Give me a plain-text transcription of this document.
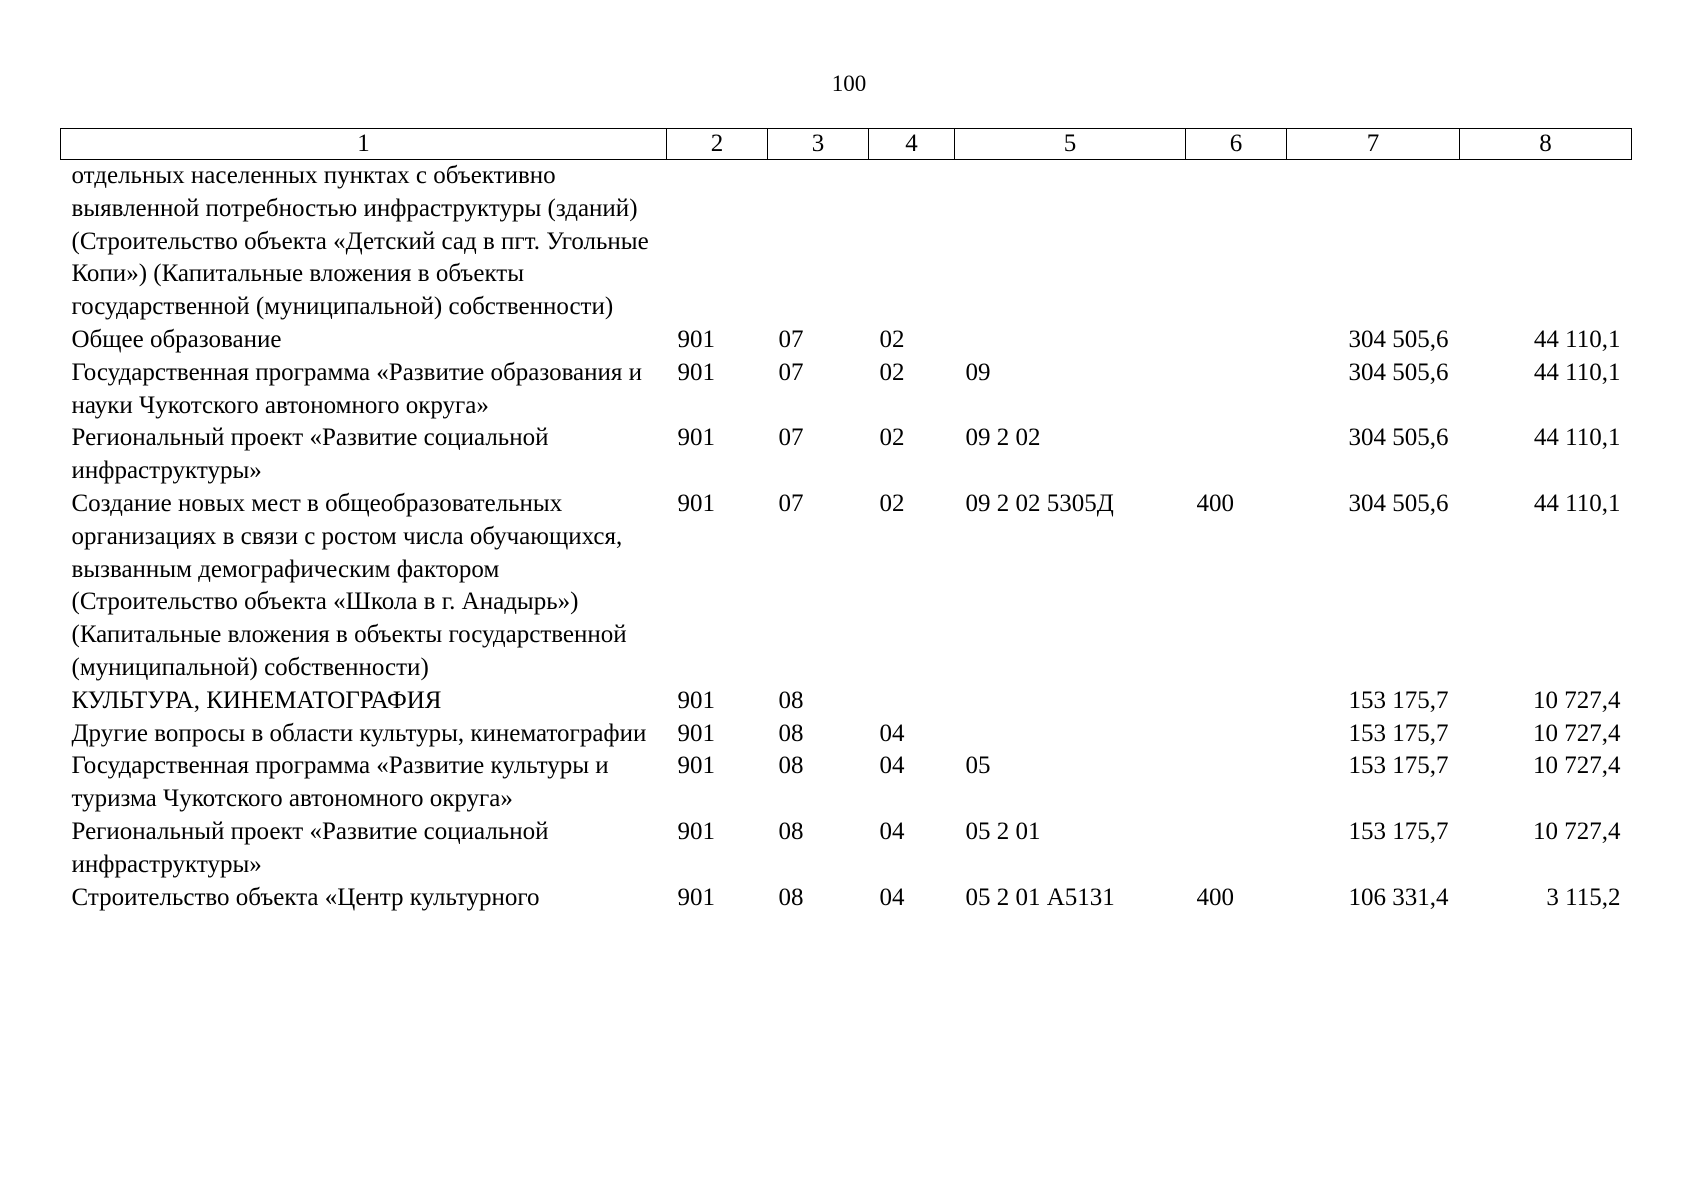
100
1	2	3	4	5	6	7	8
отдельных населенных пунктах с объективно выявленной потребностью инфраструктуры (зданий) (Строительство объекта «Детский сад в пгт. Угольные Копи») (Капитальные вложения в объекты государственной (муниципальной) собственности)							
Общее образование	901	07	02			304 505,6	44 110,1
Государственная программа «Развитие образования и науки Чукотского автономного округа»	901	07	02	09		304 505,6	44 110,1
Региональный проект «Развитие социальной инфраструктуры»	901	07	02	09 2 02		304 505,6	44 110,1
Создание новых мест в общеобразовательных организациях в связи с ростом числа обучающихся, вызванным демографическим фактором (Строительство объекта «Школа в г. Анадырь») (Капитальные вложения в объекты государственной (муниципальной) собственности)	901	07	02	09 2 02 5305Д	400	304 505,6	44 110,1
КУЛЬТУРА, КИНЕМАТОГРАФИЯ	901	08				153 175,7	10 727,4
Другие вопросы в области культуры, кинематографии	901	08	04			153 175,7	10 727,4
Государственная программа «Развитие культуры и туризма Чукотского автономного округа»	901	08	04	05		153 175,7	10 727,4
Региональный проект «Развитие социальной инфраструктуры»	901	08	04	05 2 01		153 175,7	10 727,4
Строительство объекта «Центр культурного	901	08	04	05 2 01 А5131	400	106 331,4	3 115,2
